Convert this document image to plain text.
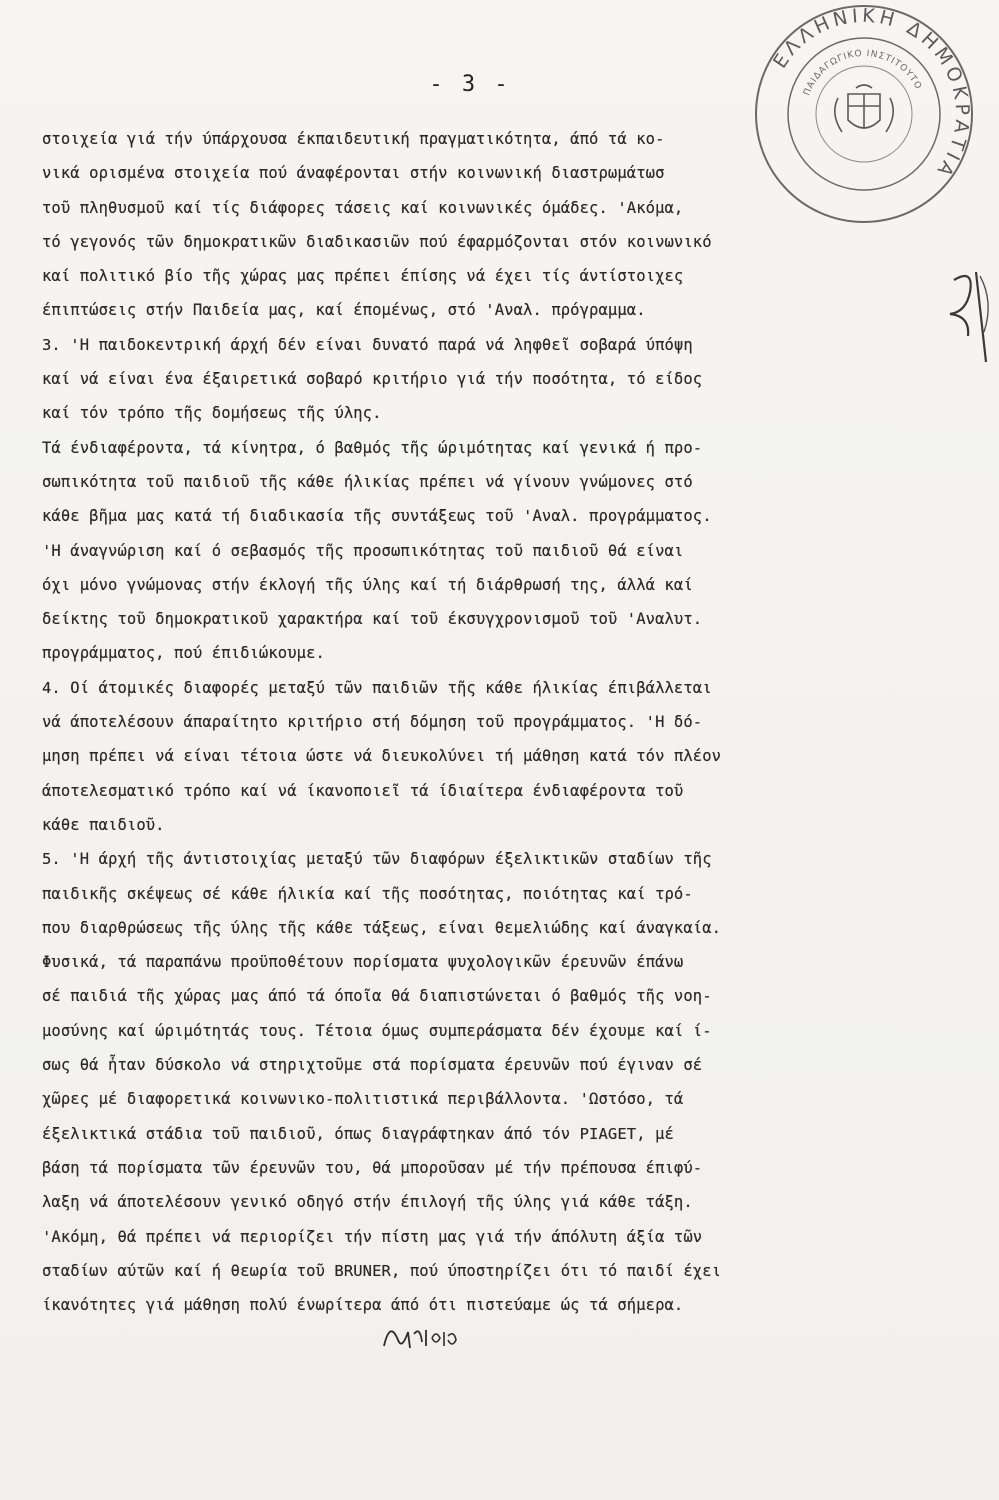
- 3 -
στοιχεία γιά τήν ύπάρχουσα έκπαιδευτική πραγματικότητα, άπό τά κο-
νικά ορισμένα στοιχεία πού άναφέρονται στήν κοινωνική διαστρωμάτωσ
τοῦ πληθυσμοῦ καί τίς διάφορες τάσεις καί κοινωνικές όμάδες. 'Ακόμα,
τό γεγονός τῶν δημοκρατικῶν διαδικασιῶν πού έφαρμόζονται στόν κοινωνικό
καί πολιτικό βίο τῆς χώρας μας πρέπει έπίσης νά έχει τίς άντίστοιχες
έπιπτώσεις στήν Παιδεία μας, καί έπομένως, στό 'Αναλ. πρόγραμμα.
3. 'Η παιδοκεντρική άρχή δέν είναι δυνατό παρά νά ληφθεῖ σοβαρά ύπόψη
καί νά είναι ένα έξαιρετικά σοβαρό κριτήριο γιά τήν ποσότητα, τό είδος
καί τόν τρόπο τῆς δομήσεως τῆς ύλης.
Τά ένδιαφέροντα, τά κίνητρα, ό βαθμός τῆς ώριμότητας καί γενικά ή προ-
σωπικότητα τοῦ παιδιοῦ τῆς κάθε ήλικίας πρέπει νά γίνουν γνώμονες στό
κάθε βῆμα μας κατά τή διαδικασία τῆς συντάξεως τοῦ 'Αναλ. προγράμματος.
'Η άναγνώριση καί ό σεβασμός τῆς προσωπικότητας τοῦ παιδιοῦ θά είναι
όχι μόνο γνώμονας στήν έκλογή τῆς ύλης καί τή διάρθρωσή της, άλλά καί
δείκτης τοῦ δημοκρατικοῦ χαρακτήρα καί τοῦ έκσυγχρονισμοῦ τοῦ 'Αναλυτ.
προγράμματος, πού έπιδιώκουμε.
4. Οί άτομικές διαφορές μεταξύ τῶν παιδιῶν τῆς κάθε ήλικίας έπιβάλλεται
νά άποτελέσουν άπαραίτητο κριτήριο στή δόμηση τοῦ προγράμματος. 'Η δό-
μηση πρέπει νά είναι τέτοια ώστε νά διευκολύνει τή μάθηση κατά τόν πλέον
άποτελεσματικό τρόπο καί νά ίκανοποιεῖ τά ίδιαίτερα ένδιαφέροντα τοῦ
κάθε παιδιοῦ.
5. 'Η άρχή τῆς άντιστοιχίας μεταξύ τῶν διαφόρων έξελικτικῶν σταδίων τῆς
παιδικῆς σκέψεως σέ κάθε ήλικία καί τῆς ποσότητας, ποιότητας καί τρό-
που διαρθρώσεως τῆς ύλης τῆς κάθε τάξεως, είναι θεμελιώδης καί άναγκαία.
Φυσικά, τά παραπάνω προϋποθέτουν πορίσματα ψυχολογικῶν έρευνῶν έπάνω
σέ παιδιά τῆς χώρας μας άπό τά όποῖα θά διαπιστώνεται ό βαθμός τῆς νοη-
μοσύνης καί ώριμότητάς τους. Τέτοια όμως συμπεράσματα δέν έχουμε καί ί-
σως θά ἦταν δύσκολο νά στηριχτοῦμε στά πορίσματα έρευνῶν πού έγιναν σέ
χῶρες μέ διαφορετικά κοινωνικο-πολιτιστικά περιβάλλοντα. 'Ωστόσο, τά
έξελικτικά στάδια τοῦ παιδιοῦ, όπως διαγράφτηκαν άπό τόν PIAGET, μέ
βάση τά πορίσματα τῶν έρευνῶν του, θά μποροῦσαν μέ τήν πρέπουσα έπιφύ-
λαξη νά άποτελέσουν γενικό οδηγό στήν έπιλογή τῆς ύλης γιά κάθε τάξη.
'Ακόμη, θά πρέπει νά περιορίζει τήν πίστη μας γιά τήν άπόλυτη άξία τῶν
σταδίων αύτῶν καί ή θεωρία τοῦ BRUNER, πού ύποστηρίζει ότι τό παιδί έχει
ίκανότητες γιά μάθηση πολύ ένωρίτερα άπό ότι πιστεύαμε ώς τά σήμερα.
ΕΛΛΗΝΙΚΗ ΔΗΜΟΚΡΑΤΙΑ
ΠΑΙΔΑΓΩΓΙΚΟ ΙΝΣΤΙΤΟΥΤΟ
